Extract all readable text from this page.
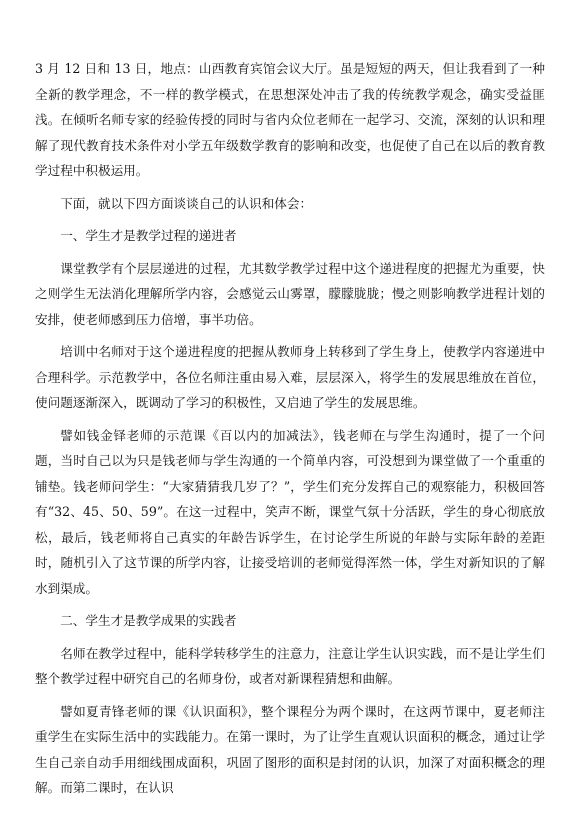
3 月 12 日和 13 日，地点：山西教育宾馆会议大厅。虽是短短的两天，但让我看到了一种全新的教学理念，不一样的教学模式，在思想深处冲击了我的传统教学观念，确实受益匪浅。在倾听名师专家的经验传授的同时与省内众位老师在一起学习、交流，深刻的认识和理解了现代教育技术条件对小学五年级数学教育的影响和改变，也促使了自己在以后的教育教学过程中积极运用。

下面，就以下四方面谈谈自己的认识和体会：

一、学生才是教学过程的递进者

课堂教学有个层层递进的过程，尤其数学教学过程中这个递进程度的把握尤为重要，快之则学生无法消化理解所学内容，会感觉云山雾罩，朦朦胧胧；慢之则影响教学进程计划的安排，使老师感到压力倍增，事半功倍。

培训中名师对于这个递进程度的把握从教师身上转移到了学生身上，使教学内容递进中合理科学。示范教学中，各位名师注重由易入难，层层深入，将学生的发展思维放在首位，使问题逐渐深入，既调动了学习的积极性，又启迪了学生的发展思维。

譬如钱金铎老师的示范课《百以内的加减法》，钱老师在与学生沟通时，提了一个问题，当时自己以为只是钱老师与学生沟通的一个简单内容，可没想到为课堂做了一个重重的铺垫。钱老师问学生：“大家猜猜我几岁了？”，学生们充分发挥自己的观察能力，积极回答有“32、45、50、59”。在这一过程中，笑声不断，课堂气氛十分活跃，学生的身心彻底放松，最后，钱老师将自己真实的年龄告诉学生，在讨论学生所说的年龄与实际年龄的差距时，随机引入了这节课的所学内容，让接受培训的老师觉得浑然一体，学生对新知识的了解水到渠成。

二、学生才是教学成果的实践者

名师在教学过程中，能科学转移学生的注意力，注意让学生认识实践，而不是让学生们整个教学过程中研究自己的名师身份，或者对新课程猜想和曲解。

譬如夏青锋老师的课《认识面积》，整个课程分为两个课时，在这两节课中，夏老师注重学生在实际生活中的实践能力。在第一课时，为了让学生直观认识面积的概念，通过让学生自己亲自动手用细线围成面积，巩固了图形的面积是封闭的认识，加深了对面积概念的理解。而第二课时，在认识
